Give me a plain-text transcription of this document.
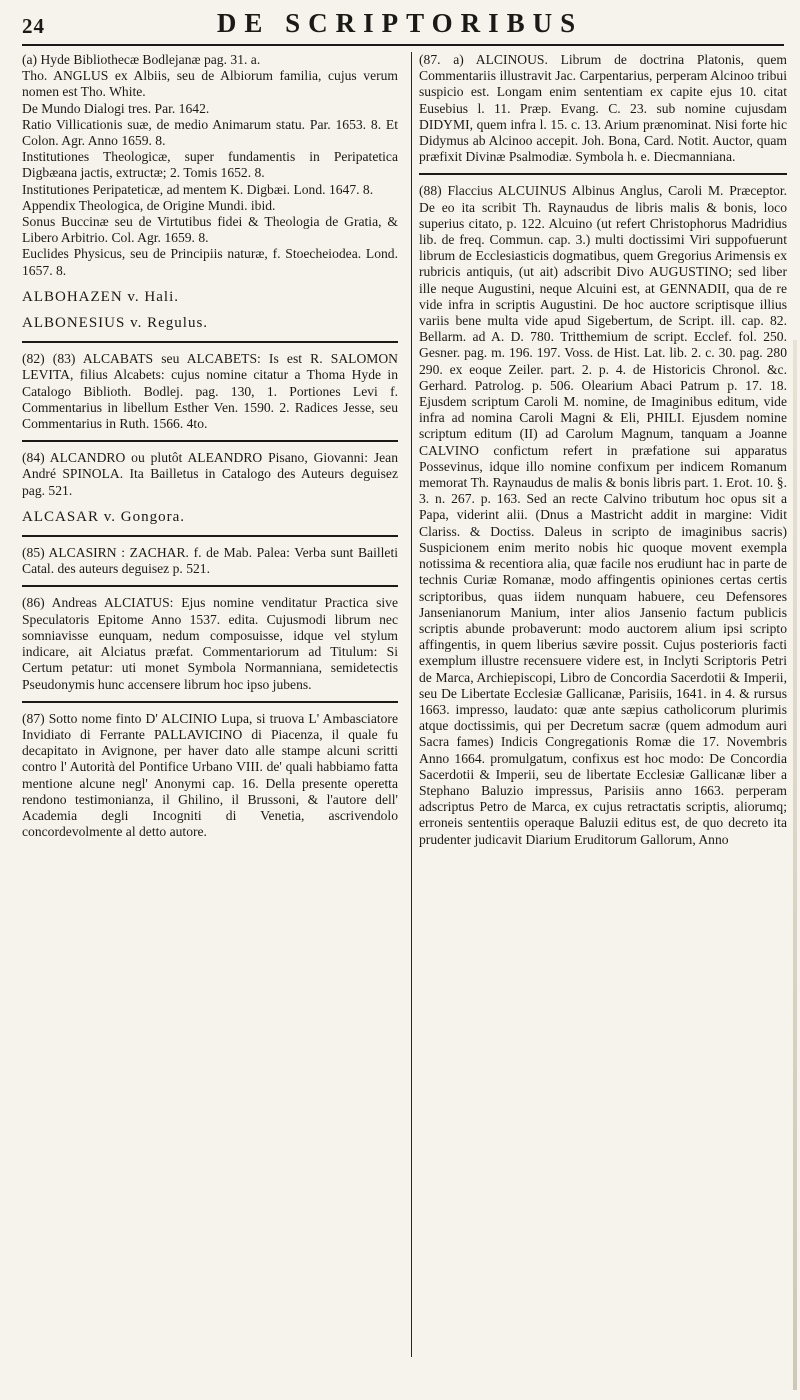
24	DE SCRIPTORIBUS

(a) Hyde Bibliothecæ Bodlejanæ pag. 31. a.

Tho. ANGLUS ex Albiis, seu de Albiorum familia, cujus verum nomen est Tho. White.

De Mundo Dialogi tres. Par. 1642.

Ratio Villicationis suæ, de medio Animarum statu. Par. 1653. 8. Et Colon. Agr. Anno 1659. 8.

Institutiones Theologicæ, super fundamentis in Peripatetica Digbæana jactis, extructæ; 2. Tomis 1652. 8.

Institutiones Peripateticæ, ad mentem K. Digbæi. Lond. 1647. 8.

Appendix Theologica, de Origine Mundi. ibid.

Sonus Buccinæ seu de Virtutibus fidei & Theologia de Gratia, & Libero Arbitrio. Col. Agr. 1659. 8.

Euclides Physicus, seu de Principiis naturæ, f. Stoecheiodea. Lond. 1657. 8.

ALBOHAZEN v. Hali.
ALBONESIUS v. Regulus.

(82) (83) ALCABATS seu ALCABETS: Is est R. SALOMON LEVITA, filius Alcabets: cujus nomine citatur a Thoma Hyde in Catalogo Biblioth. Bodlej. pag. 130, 1. Portiones Levi f. Commentarius in libellum Esther Ven. 1590. 2. Radices Jesse, seu Commentarius in Ruth. 1566. 4to.

(84) ALCANDRO ou plutôt ALEANDRO Pisano, Giovanni: Jean André SPINOLA. Ita Bailletus in Catalogo des Auteurs deguisez pag. 521.

ALCASAR v. Gongora.

(85) ALCASIRN : ZACHAR. f. de Mab. Palea: Verba sunt Bailleti Catal. des auteurs deguisez p. 521.

(86) Andreas ALCIATUS: Ejus nomine venditatur Practica sive Speculatoris Epitome Anno 1537. edita. Cujusmodi librum nec somniavisse eunquam, nedum composuisse, idque vel stylum indicare, ait Alciatus præfat. Commentariorum ad Titulum: Si Certum petatur: uti monet Symbola Normanniana, semidetectis Pseudonymis hunc accensere librum hoc ipso jubens.

(87) Sotto nome finto D' ALCINIO Lupa, si truova L' Ambasciatore Invidiato di Ferrante PALLAVICINO di Piacenza, il quale fu decapitato in Avignone, per haver dato alle stampe alcuni scritti contro l' Autorità del Pontifice Urbano VIII. de' quali habbiamo fatta mentione alcune negl' Anonymi cap. 16. Della presente operetta rendono testimonianza, il Ghilino, il Brussoni, & l'autore dell' Academia degli Incogniti di Venetia, ascrivendolo concordevolmente al detto autore.

(87. a) ALCINOUS. Librum de doctrina Platonis, quem Commentariis illustravit Jac. Carpentarius, perperam Alcinoo tribui suspicio est. Longam enim sententiam ex capite ejus 10. citat Eusebius l. 11. Præp. Evang. C. 23. sub nomine cujusdam DIDYMI, quem infra l. 15. c. 13. Arium prænominat. Nisi forte hic Didymus ab Alcinoo accepit. Joh. Bona, Card. Notit. Auctor, quam præfixit Divinæ Psalmodiæ. Symbola h. e. Diecmanniana.

(88) Flaccius ALCUINUS Albinus Anglus, Caroli M. Præceptor. De eo ita scribit Th. Raynaudus de libris malis & bonis, loco superius citato, p. 122. Alcuino (ut refert Christophorus Madridius lib. de freq. Commun. cap. 3.) multi doctissimi Viri suppofuerunt librum de Ecclesiasticis dogmatibus, quem Gregorius Arimensis ex rubricis antiquis, (ut ait) adscribit Divo AUGUSTINO; sed liber ille neque Augustini, neque Alcuini est, at GENNADII, qua de re vide infra in scriptis Augustini. De hoc auctore scriptisque illius variis bene multa vide apud Sigebertum, de Script. ill. cap. 82. Bellarm. ad A. D. 780. Tritthemium de script. Ecclef. fol. 250. Gesner. pag. m. 196. 197. Voss. de Hist. Lat. lib. 2. c. 30. pag. 280 290. ex eoque Zeiler. part. 2. p. 4. de Historicis Chronol. &c. Gerhard. Patrolog. p. 506. Olearium Abaci Patrum p. 17. 18. Ejusdem scriptum Caroli M. nomine, de Imaginibus editum, vide infra ad nomina Caroli Magni & Eli, PHILI. Ejusdem nomine scriptum editum (II) ad Carolum Magnum, tanquam a Joanne CALVINO confictum refert in præfatione sui apparatus Possevinus, idque illo nomine confixum per indicem Romanum memorat Th. Raynaudus de malis & bonis libris part. 1. Erot. 10. §. 3. n. 267. p. 163. Sed an recte Calvino tributum hoc opus sit a Papa, viderint alii. (Dnus a Mastricht addit in margine: Vidit Clariss. & Doctiss. Daleus in scripto de imaginibus sacris) Suspicionem enim merito nobis hic quoque movent exempla notissima & recentiora alia, quæ facile nos erudiunt hac in parte de technis Curiæ Romanæ, modo affingentis opiniones certas certis scriptoribus, quas iidem nunquam habuere, ceu Defensores Jansenianorum Manium, inter alios Jansenio factum publicis scriptis abunde probaverunt: modo auctorem alium ipsi scripto affingentis, in quem liberius sævire possit. Cujus posterioris facti exemplum illustre recensuere videre est, in Inclyti Scriptoris Petri de Marca, Archiepiscopi, Libro de Concordia Sacerdotii & Imperii, seu De Libertate Ecclesiæ Gallicanæ, Parisiis, 1641. in 4. & rursus 1663. impresso, laudato: quæ ante sæpius catholicorum plurimis atque doctissimis, qui per Decretum sacræ (quem admodum auri Sacra fames) Indicis Congregationis Romæ die 17. Novembris Anno 1664. promulgatum, confixus est hoc modo: De Concordia Sacerdotii & Imperii, seu de libertate Ecclesiæ Gallicanæ liber a Stephano Baluzio impressus, Parisiis anno 1663. perperam adscriptus Petro de Marca, ex cujus retractatis scriptis, aliorumq; erroneis sententiis operaque Baluzii editus est, de quo decreto ita prudenter judicavit Diarium Eruditorum Gallorum, Anno
